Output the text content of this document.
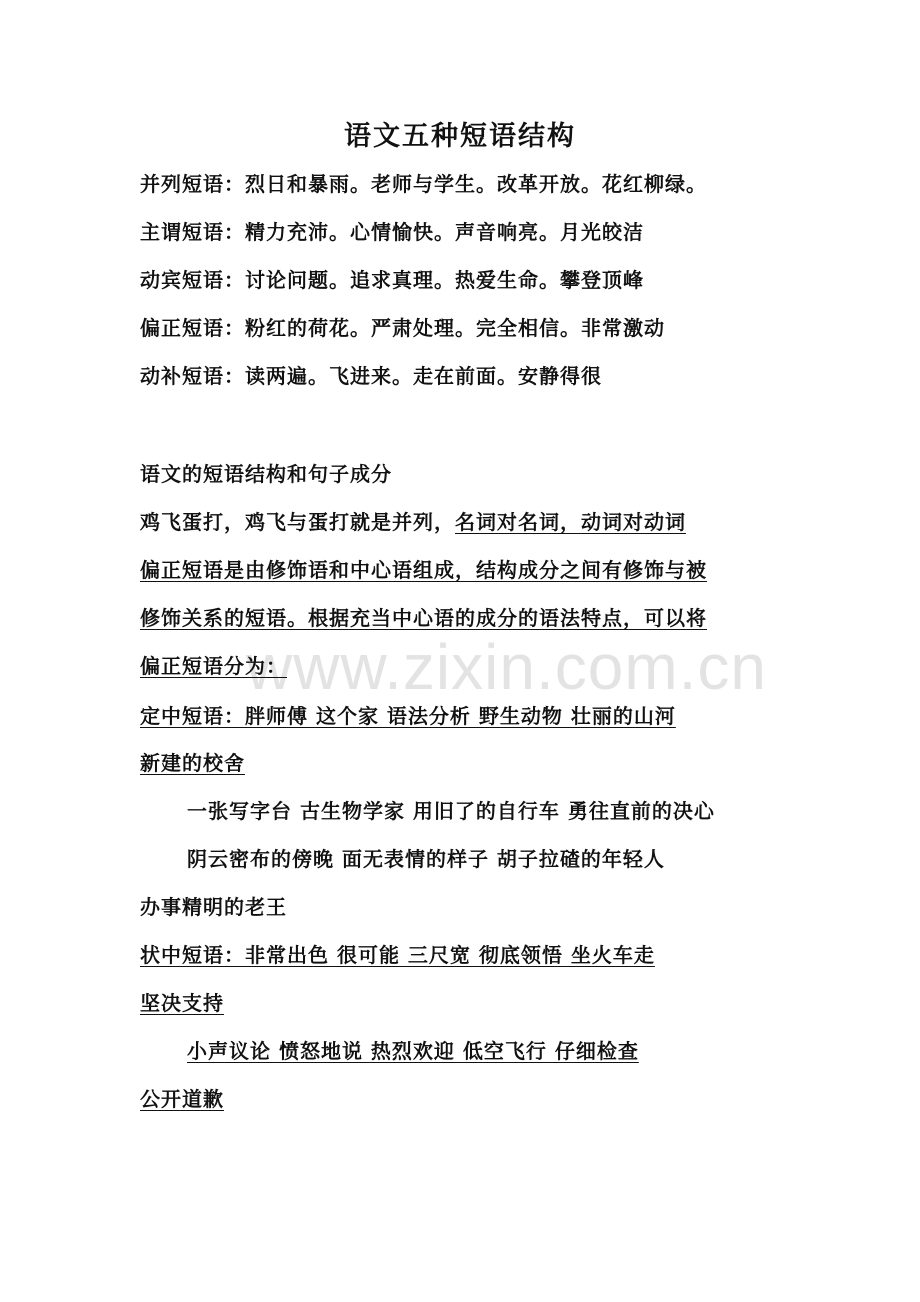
www.zixin.com.cn
语文五种短语结构
并列短语：烈日和暴雨。老师与学生。改革开放。花红柳绿。
主谓短语：精力充沛。心情愉快。声音响亮。月光皎洁
动宾短语：讨论问题。追求真理。热爱生命。攀登顶峰
偏正短语：粉红的荷花。严肃处理。完全相信。非常激动
动补短语：读两遍。飞进来。走在前面。安静得很
语文的短语结构和句子成分
鸡飞蛋打，鸡飞与蛋打就是并列，名词对名词，动词对动词
偏正短语是由修饰语和中心语组成，结构成分之间有修饰与被
修饰关系的短语。根据充当中心语的成分的语法特点，可以将
偏正短语分为：
定中短语：胖师傅 这个家 语法分析 野生动物 壮丽的山河
新建的校舍
一张写字台 古生物学家 用旧了的自行车 勇往直前的决心
阴云密布的傍晚 面无表情的样子 胡子拉碴的年轻人
办事精明的老王
状中短语：非常出色 很可能 三尺宽 彻底领悟 坐火车走
坚决支持
小声议论 愤怒地说 热烈欢迎 低空飞行 仔细检查
公开道歉
